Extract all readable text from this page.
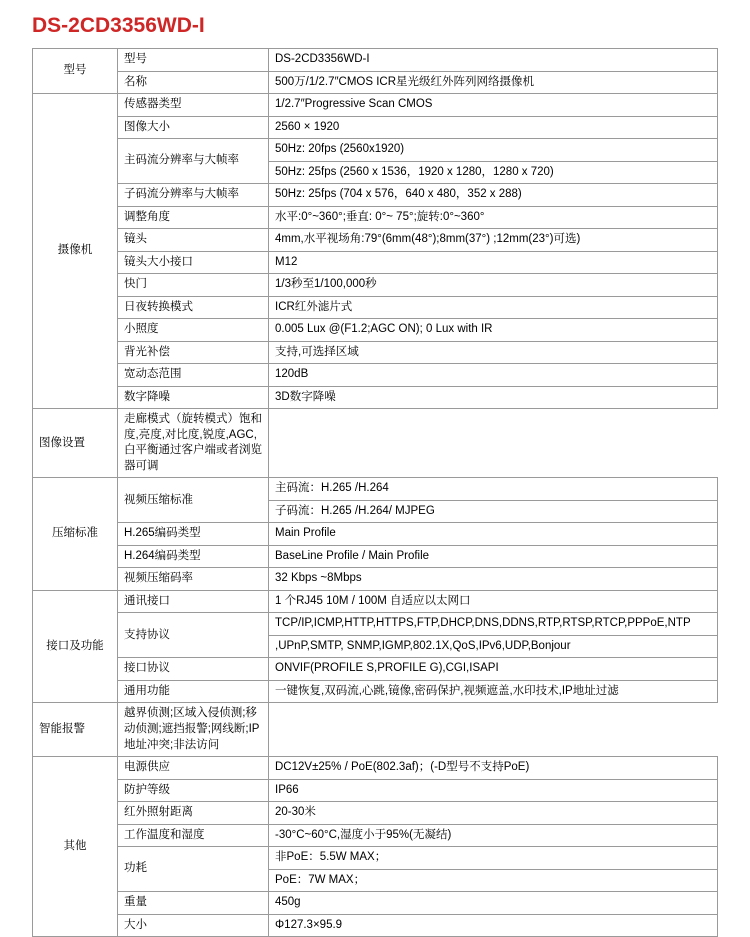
DS-2CD3356WD-I
型号	型号	DS-2CD3356WD-I
	名称	500万/1/2.7″CMOS ICR星光级红外阵列网络摄像机
摄像机	传感器类型	1/2.7″Progressive Scan CMOS
	图像大小	2560 × 1920
	主码流分辨率与大帧率	50Hz: 20fps (2560x1920)
		50Hz: 25fps (2560 x 1536，1920 x 1280，1280 x 720)
	子码流分辨率与大帧率	50Hz: 25fps (704 x 576，640 x 480，352 x 288)
	调整角度	水平:0°~360°;垂直: 0°~ 75°;旋转:0°~360°
	镜头	4mm,水平视场角:79°(6mm(48°);8mm(37°) ;12mm(23°)可选)
	镜头大小接口	M12
	快门	1/3秒至1/100,000秒
	日夜转换模式	ICR红外滤片式
	小照度	0.005 Lux @(F1.2;AGC ON); 0 Lux with IR
	背光补偿	支持,可选择区域
	宽动态范围	120dB
	数字降噪	3D数字降噪
图像设置	走廊模式（旋转模式）饱和度,亮度,对比度,锐度,AGC,白平衡通过客户端或者浏览器可调	
压缩标准	视频压缩标准	主码流：H.265 /H.264
		子码流：H.265 /H.264/ MJPEG
	H.265编码类型	Main Profile
	H.264编码类型	BaseLine Profile / Main Profile
	视频压缩码率	32 Kbps ~8Mbps
接口及功能	通讯接口	1 个RJ45 10M / 100M 自适应以太网口
	支持协议	TCP/IP,ICMP,HTTP,HTTPS,FTP,DHCP,DNS,DDNS,RTP,RTSP,RTCP,PPPoE,NTP
		,UPnP,SMTP, SNMP,IGMP,802.1X,QoS,IPv6,UDP,Bonjour
	接口协议	ONVIF(PROFILE S,PROFILE G),CGI,ISAPI
	通用功能	一键恢复,双码流,心跳,镜像,密码保护,视频遮盖,水印技术,IP地址过滤
智能报警	越界侦测;区域入侵侦测;移动侦测;遮挡报警;网线断;IP地址冲突;非法访问	
其他	电源供应	DC12V±25% / PoE(802.3af)；(-D型号不支持PoE)
	防护等级	IP66
	红外照射距离	20-30米
	工作温度和湿度	-30°C~60°C,湿度小于95%(无凝结)
	功耗	非PoE：5.5W MAX；
		PoE：7W MAX；
	重量	450g
	大小	Φ127.3×95.9
